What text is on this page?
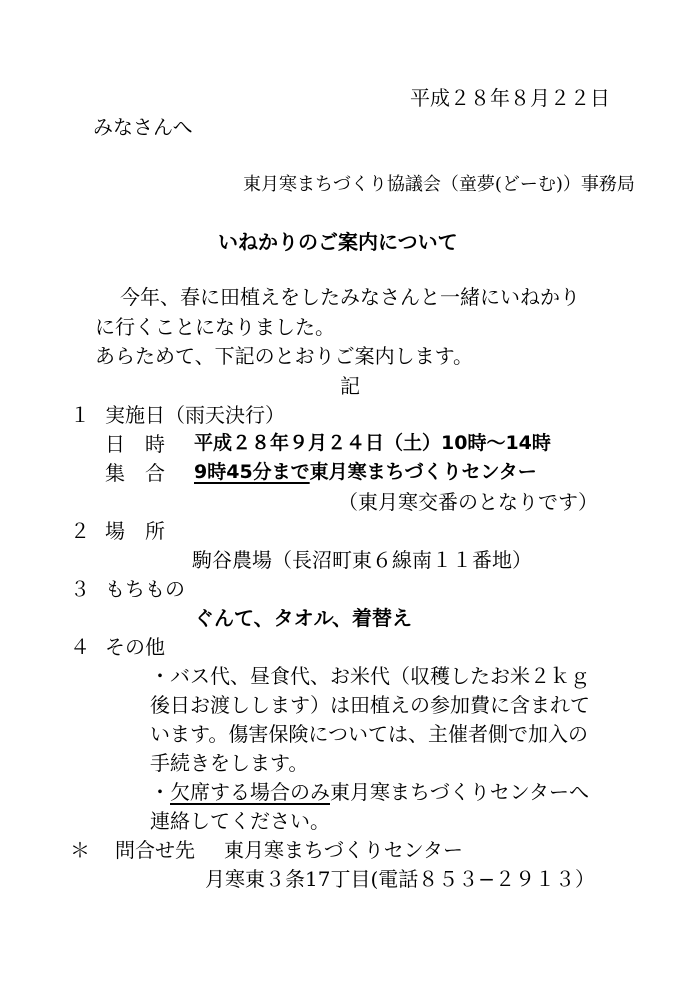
平成２８年８月２２日
みなさんへ
東月寒まちづくり協議会（童夢(どーむ)）事務局
いねかりのご案内について
今年、春に田植えをしたみなさんと一緒にいねかり
に行くことになりました。
あらためて、下記のとおりご案内します。
記
１ 実施日（雨天決行）
日　時 平成２８年９月２４日（土）10時～14時
集　合 9時45分まで東月寒まちづくりセンター
（東月寒交番のとなりです）
２ 場　所
駒谷農場（長沼町東６線南１１番地）
３ もちもの
ぐんて、タオル、着替え
４ その他
・バス代、昼食代、お米代（収穫したお米２ｋｇ
後日お渡しします）は田植えの参加費に含まれて
います。傷害保険については、主催者側で加入の
手続きをします。
・欠席する場合のみ東月寒まちづくりセンターへ
連絡してください。
＊ 問合せ先 東月寒まちづくりセンター
月寒東３条17丁目(電話８５３−２９１３）
